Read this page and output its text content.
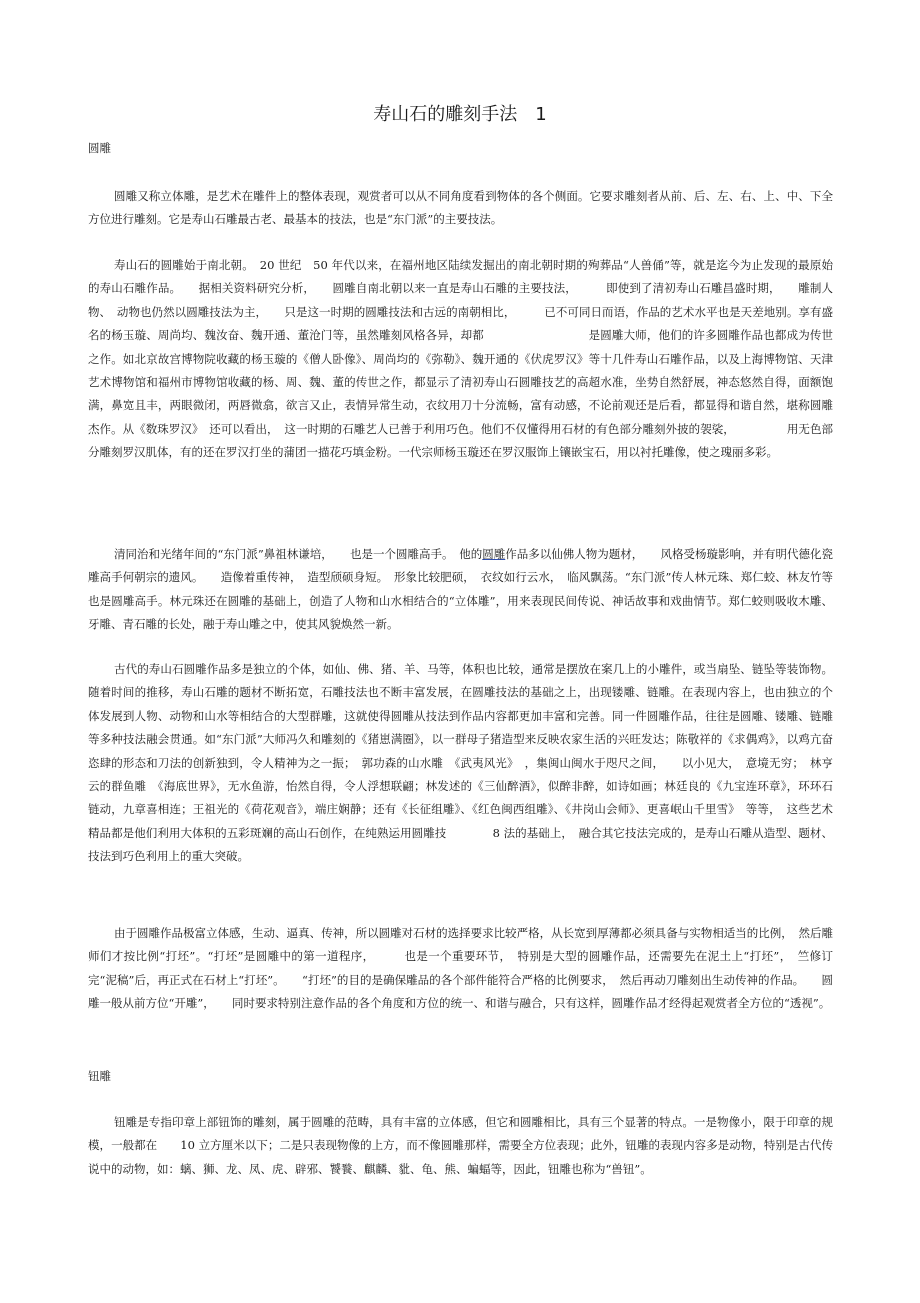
寿山石的雕刻手法　1
圆雕

圆雕又称立体雕，是艺术在雕件上的整体表现，观赏者可以从不同角度看到物体的各个侧面。它要求雕刻者从前、后、左、右、上、中、下全方位进行雕刻。它是寿山石雕最古老、最基本的技法，也是“东门派”的主要技法。

寿山石的圆雕始于南北朝。　20 世纪　50 年代以来，在福州地区陆续发掘出的南北朝时期的殉葬品“人兽俑”等，就是迄今为止发现的最原始的寿山石雕作品。　　据相关资料研究分析，　　圆雕自南北朝以来一直是寿山石雕的主要技法，　　　即使到了清初寿山石雕昌盛时期，　　雕制人物、　动物也仍然以圆雕技法为主，　　只是这一时期的圆雕技法和古远的南朝相比，　　　已不可同日而语，作品的艺术水平也是天差地别。享有盛名的杨玉璇、周尚均、魏汝奋、魏开通、董沧门等，虽然雕刻风格各异，却都　　　　　　　　　是圆雕大师，他们的许多圆雕作品也都成为传世之作。如北京故宫博物院收藏的杨玉璇的《僧人卧像》、周尚均的《弥勒》、魏开通的《伏虎罗汉》等十几件寿山石雕作品，以及上海博物馆、天津艺术博物馆和福州市博物馆收藏的杨、周、魏、董的传世之作，都显示了清初寿山石圆雕技艺的高超水准，坐势自然舒展，神态悠然自得，面额饱满，鼻宽且丰，两眼微闭，两唇微翕，欲言又止，表情异常生动，衣纹用刀十分流畅，富有动感，不论前观还是后看，都显得和谐自然，堪称圆雕杰作。从《数珠罗汉》　还可以看出，　这一时期的石雕艺人已善于利用巧色。他们不仅懂得用石材的有色部分雕刻外披的袈裟，　　　　　用无色部分雕刻罗汉肌体，有的还在罗汉打坐的蒲团一描花巧填金粉。一代宗师杨玉璇还在罗汉服饰上镶嵌宝石，用以衬托雕像，使之瑰丽多彩。

清同治和光绪年间的“东门派”鼻祖林谦培，　　也是一个圆雕高手。　他的圆雕作品多以仙佛人物为题材，　　风格受杨璇影响，并有明代德化瓷雕高手何朝宗的遗风。　　造像着重传神，　造型颀硕身短。　形象比较肥硕，　衣纹如行云水，　临风飘荡。“东门派”传人林元珠、郑仁蛟、林友竹等也是圆雕高手。林元珠还在圆雕的基础上，创造了人物和山水相结合的“立体雕”，用来表现民间传说、神话故事和戏曲情节。郑仁蛟则吸收木雕、牙雕、青石雕的长处，融于寿山雕之中，使其风貌焕然一新。

古代的寿山石圆雕作品多是独立的个体，如仙、佛、猪、羊、马等，体积也比较，通常是摆放在案几上的小雕件，或当扇坠、链坠等装饰物。随着时间的推移，寿山石雕的题材不断拓宽，石雕技法也不断丰富发展，在圆雕技法的基础之上，出现镂雕、链雕。在表现内容上，也由独立的个体发展到人物、动物和山水等相结合的大型群雕，这就使得圆雕从技法到作品内容都更加丰富和完善。同一件圆雕作品，往往是圆雕、镂雕、链雕等多种技法融会贯通。如“东门派”大师冯久和雕刻的《猪崽满圈》，以一群母子猪造型来反映农家生活的兴旺发达；陈敬祥的《求偶鸡》，以鸡亢奋恣肆的形态和刀法的创新独到，令人精神为之一振；　郭功森的山水雕　《武夷风光》　，集闽山闽水于咫尺之间，　　以小见大，　意境无穷；　林亨云的群鱼雕　《海底世界》，无水鱼游，怡然自得，令人浮想联翩；林发述的《三仙醉酒》，似醉非醉，如诗如画；林廷良的《九宝连环章》，环环石链动，九章喜相连；王祖光的《荷花观音》，端庄娴静；还有《长征组雕》、《红色闽西组雕》、《井岗山会师》、更喜岷山千里雪》　等等，　这些艺术精品都是他们利用大体积的五彩斑斓的高山石创作，在纯熟运用圆雕技　　　　8 法的基础上，　融合其它技法完成的，是寿山石雕从造型、题材、技法到巧色利用上的重大突破。

由于圆雕作品极富立体感，生动、逼真、传神，所以圆雕对石材的选择要求比较严格，从长宽到厚薄都必须具备与实物相适当的比例，　然后雕师们才按比例“打坯”。“打坯”是圆雕中的第一道程序，　　　也是一个重要环节，　特别是大型的圆雕作品，还需要先在泥土上“打坯”，　竺修订完“泥稿”后，再正式在石材上“打坯”。　　“打坯”的目的是确保雕品的各个部件能符合严格的比例要求，　然后再动刀雕刻出生动传神的作品。　　圆雕一般从前方位“开雕”，　　同时要求特别注意作品的各个角度和方位的统一、和谐与融合，只有这样，圆雕作品才经得起观赏者全方位的“透视”。

钮雕

钮雕是专指印章上部钮饰的雕刻，属于圆雕的范畴，具有丰富的立体感，但它和圆雕相比，具有三个显著的特点。一是物像小，限于印章的规模，一般都在　　10 立方厘米以下；二是只表现物像的上方，而不像圆雕那样，需要全方位表现；此外，钮雕的表现内容多是动物，特别是古代传说中的动物，如：螭、狮、龙、凤、虎、辟邪、饕餮、麒麟、豼、龟、熊、蝙蝠等，因此，钮雕也称为“兽钮”。
